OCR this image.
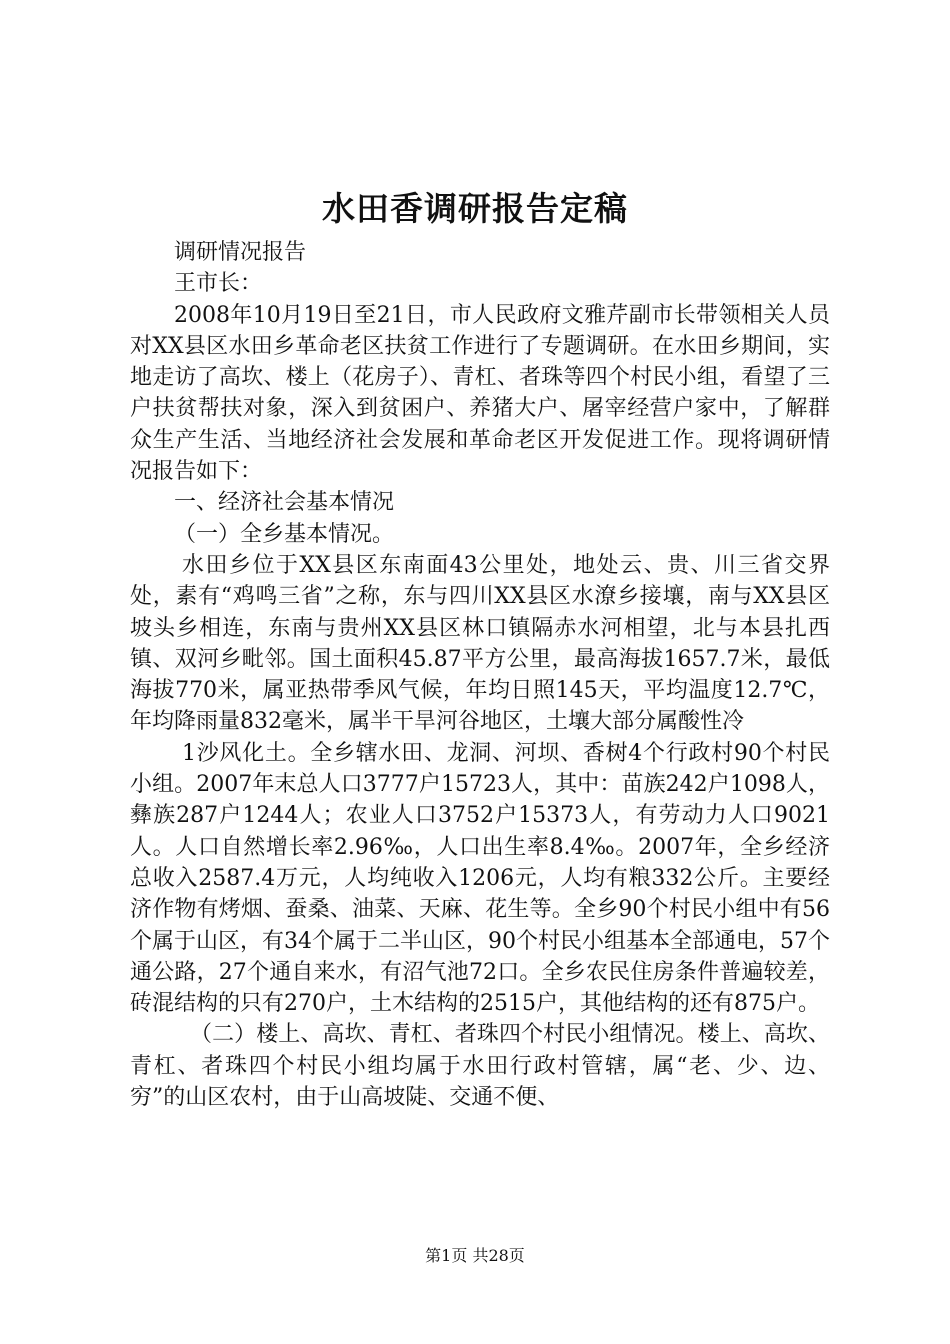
水田香调研报告定稿

调研情况报告

王市长：

2008年10月19日至21日，市人民政府文雅芹副市长带领相关人员对XX县区水田乡革命老区扶贫工作进行了专题调研。在水田乡期间，实地走访了高坎、楼上（花房子）、青杠、者珠等四个村民小组，看望了三户扶贫帮扶对象，深入到贫困户、养猪大户、屠宰经营户家中，了解群众生产生活、当地经济社会发展和革命老区开发促进工作。现将调研情况报告如下：

一、经济社会基本情况

（一）全乡基本情况。

水田乡位于XX县区东南面43公里处，地处云、贵、川三省交界处，素有“鸡鸣三省”之称，东与四川XX县区水潦乡接壤，南与XX县区坡头乡相连，东南与贵州XX县区林口镇隔赤水河相望，北与本县扎西镇、双河乡毗邻。国土面积45.87平方公里，最高海拔1657.7米，最低海拔770米，属亚热带季风气候，年均日照145天，平均温度12.7℃，年均降雨量832毫米，属半干旱河谷地区，土壤大部分属酸性冷

1沙风化土。全乡辖水田、龙洞、河坝、香树4个行政村90个村民小组。2007年末总人口3777户15723人，其中：苗族242户1098人，彝族287户1244人；农业人口3752户15373人，有劳动力人口9021人。人口自然增长率2.96‰，人口出生率8.4‰。2007年，全乡经济总收入2587.4万元，人均纯收入1206元，人均有粮332公斤。主要经济作物有烤烟、蚕桑、油菜、天麻、花生等。全乡90个村民小组中有56个属于山区，有34个属于二半山区，90个村民小组基本全部通电，57个通公路，27个通自来水，有沼气池72口。全乡农民住房条件普遍较差，砖混结构的只有270户，土木结构的2515户，其他结构的还有875户。

（二）楼上、高坎、青杠、者珠四个村民小组情况。楼上、高坎、青杠、者珠四个村民小组均属于水田行政村管辖，属“老、少、边、穷”的山区农村，由于山高坡陡、交通不便、

第1页 共28页
